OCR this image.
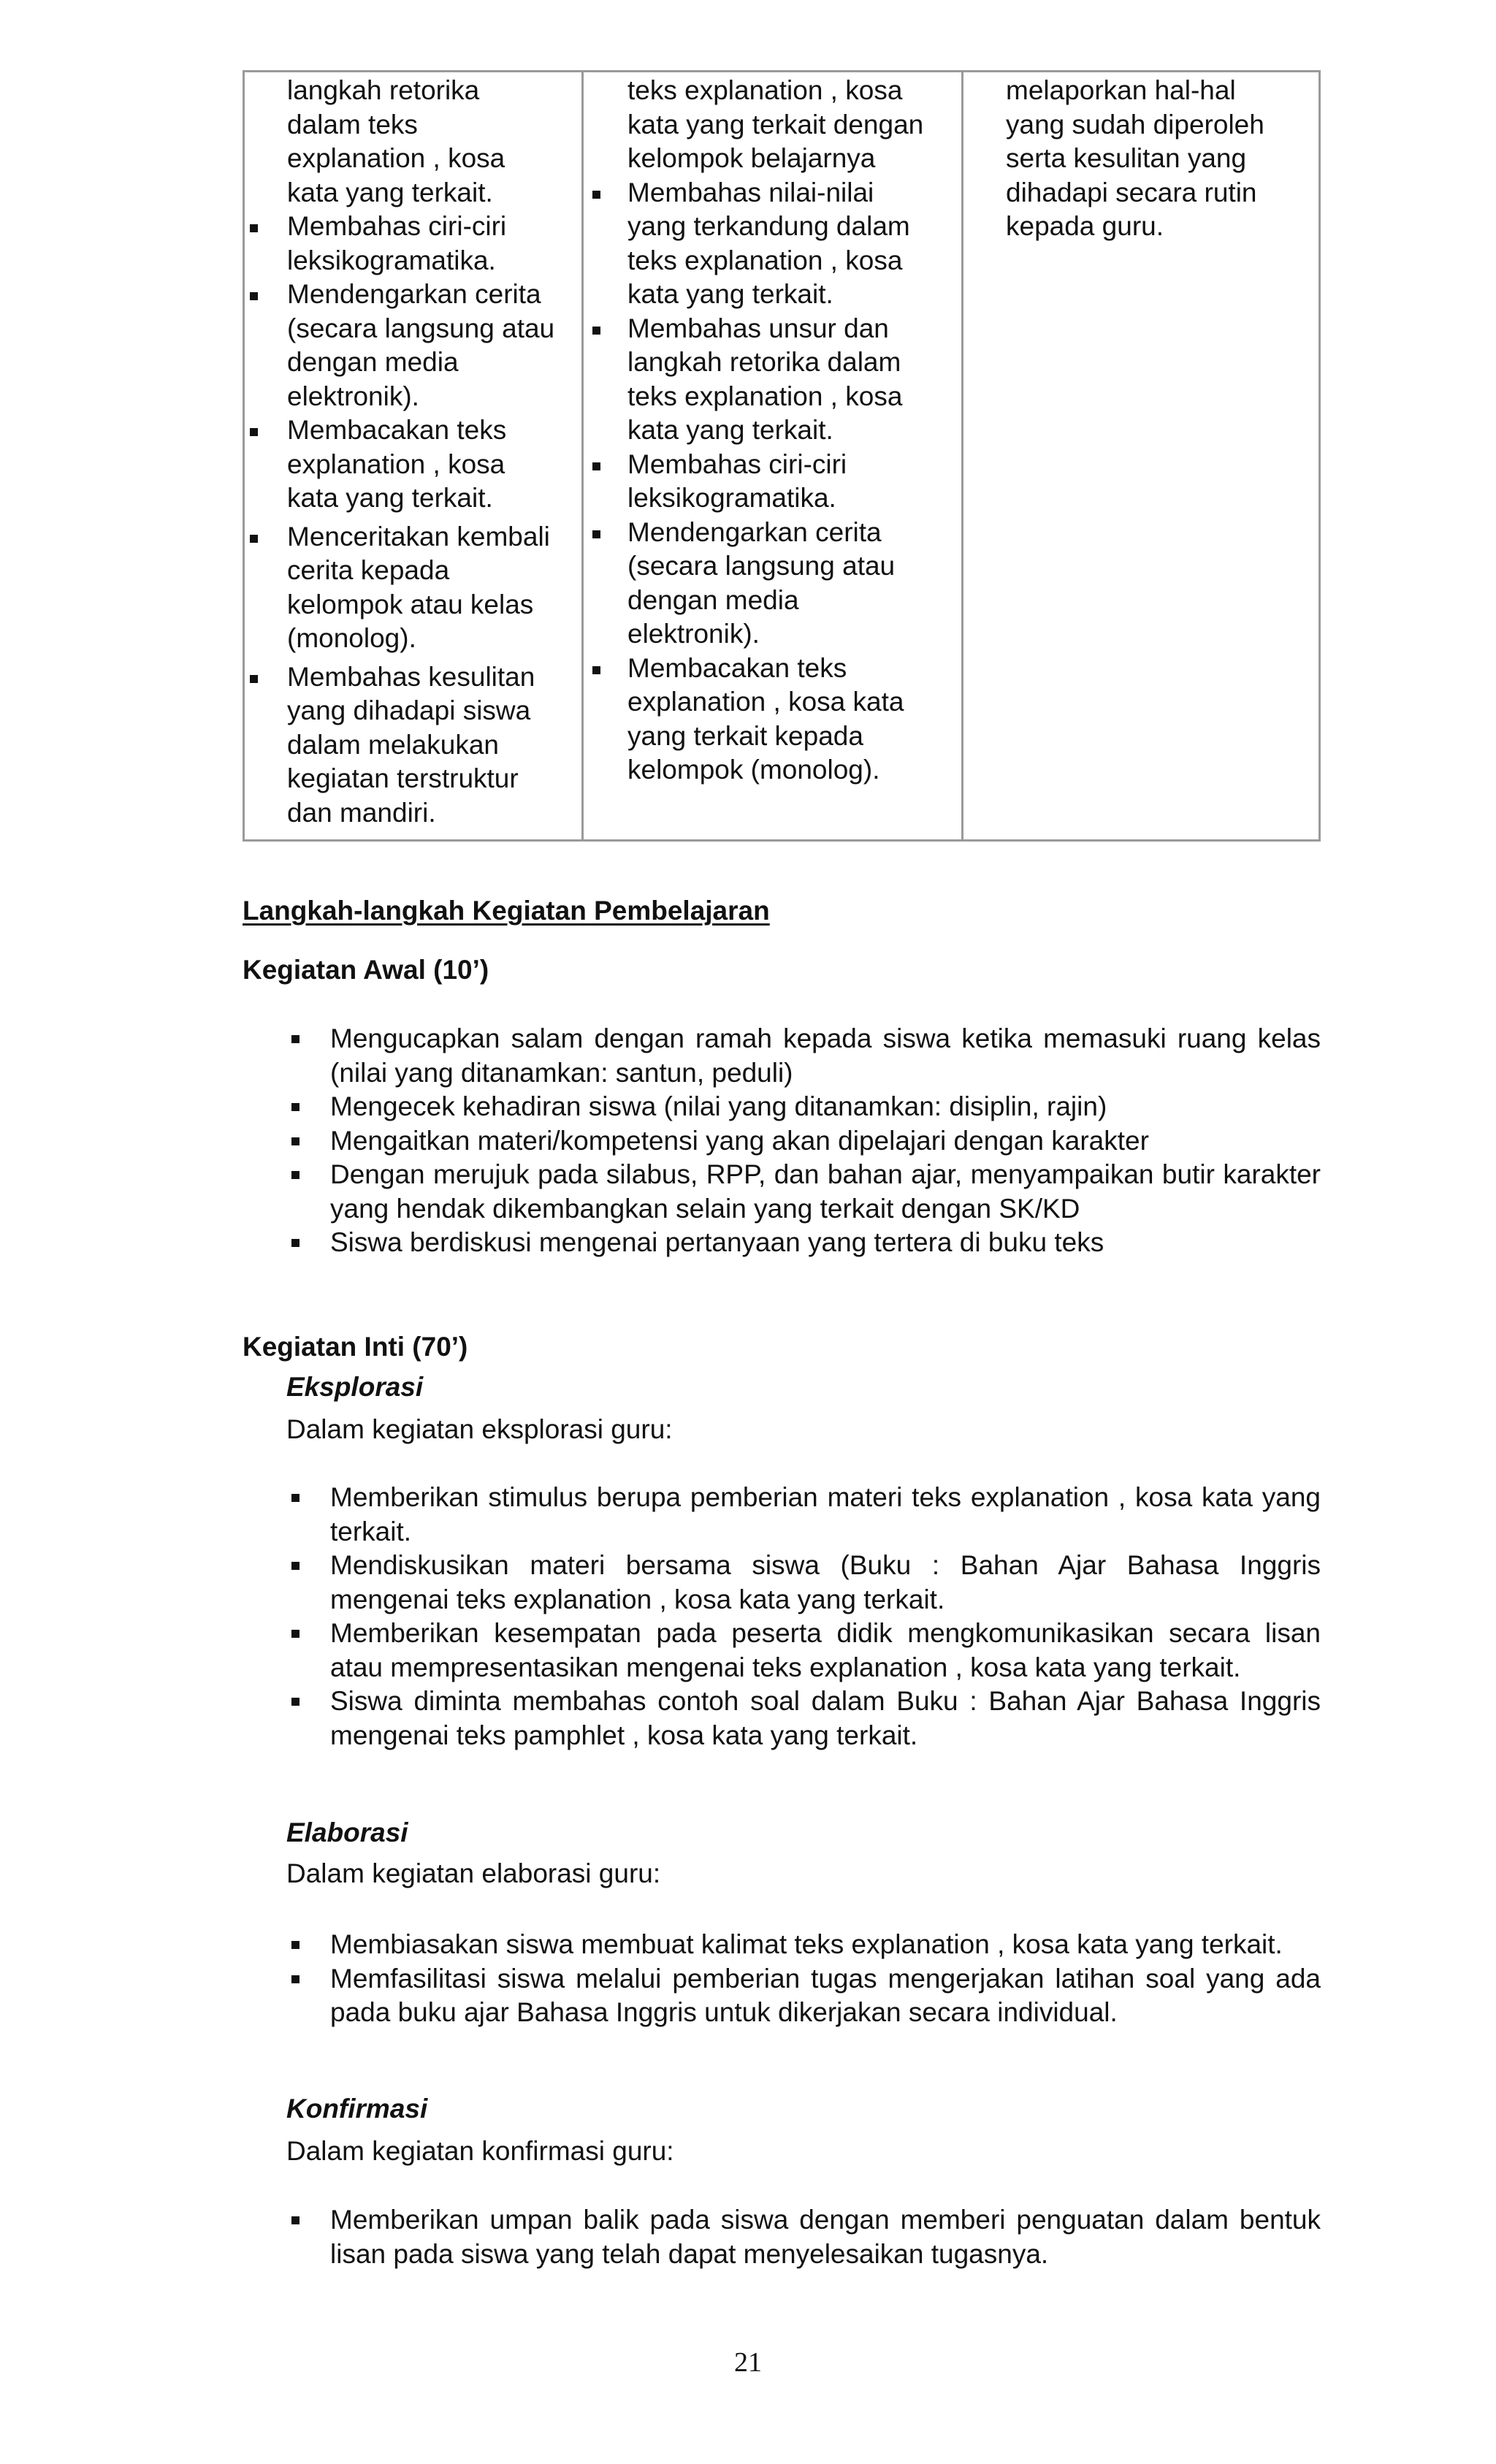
langkah retorika
dalam teks
explanation , kosa
kata yang terkait.
Membahas ciri-ciri
leksikogramatika.
Mendengarkan cerita
(secara langsung atau
dengan media
elektronik).
Membacakan teks
explanation , kosa
kata yang terkait.
Menceritakan kembali
cerita kepada
kelompok atau kelas
(monolog).
Membahas kesulitan
yang dihadapi siswa
dalam melakukan
kegiatan terstruktur
dan mandiri.
teks explanation , kosa
kata yang terkait dengan
kelompok belajarnya
Membahas nilai-nilai
yang terkandung dalam
teks explanation , kosa
kata yang terkait.
Membahas unsur dan
langkah retorika dalam
teks explanation , kosa
kata yang terkait.
Membahas ciri-ciri
leksikogramatika.
Mendengarkan cerita
(secara langsung atau
dengan media
elektronik).
Membacakan teks
explanation , kosa kata
yang terkait kepada
kelompok (monolog).
melaporkan hal-hal
yang sudah diperoleh
serta kesulitan yang
dihadapi secara rutin
kepada guru.
Langkah-langkah Kegiatan Pembelajaran
Kegiatan Awal (10’)
Mengucapkan salam dengan ramah kepada siswa ketika memasuki ruang kelas (nilai yang ditanamkan: santun, peduli)
Mengecek kehadiran siswa (nilai yang ditanamkan: disiplin, rajin)
Mengaitkan materi/kompetensi yang akan dipelajari dengan karakter
Dengan merujuk pada silabus, RPP, dan bahan ajar, menyampaikan butir karakter yang hendak dikembangkan selain yang terkait dengan SK/KD
Siswa berdiskusi mengenai pertanyaan yang tertera di buku teks
Kegiatan Inti (70’)
Eksplorasi
Dalam kegiatan eksplorasi guru:
Memberikan stimulus berupa pemberian materi teks explanation , kosa kata yang terkait.
Mendiskusikan materi bersama siswa (Buku : Bahan Ajar Bahasa Inggris mengenai teks explanation , kosa kata yang terkait.
Memberikan kesempatan pada peserta didik mengkomunikasikan secara lisan atau mempresentasikan mengenai teks explanation , kosa kata yang terkait.
Siswa diminta membahas contoh soal dalam Buku : Bahan Ajar Bahasa Inggris mengenai teks pamphlet , kosa kata yang terkait.
Elaborasi
Dalam kegiatan elaborasi guru:
Membiasakan siswa membuat kalimat teks explanation , kosa kata yang terkait.
Memfasilitasi siswa melalui pemberian tugas mengerjakan latihan soal yang ada pada buku ajar Bahasa Inggris untuk dikerjakan secara individual.
Konfirmasi
Dalam kegiatan konfirmasi guru:
Memberikan umpan balik pada siswa dengan memberi penguatan dalam bentuk lisan pada siswa yang telah dapat menyelesaikan tugasnya.
21
